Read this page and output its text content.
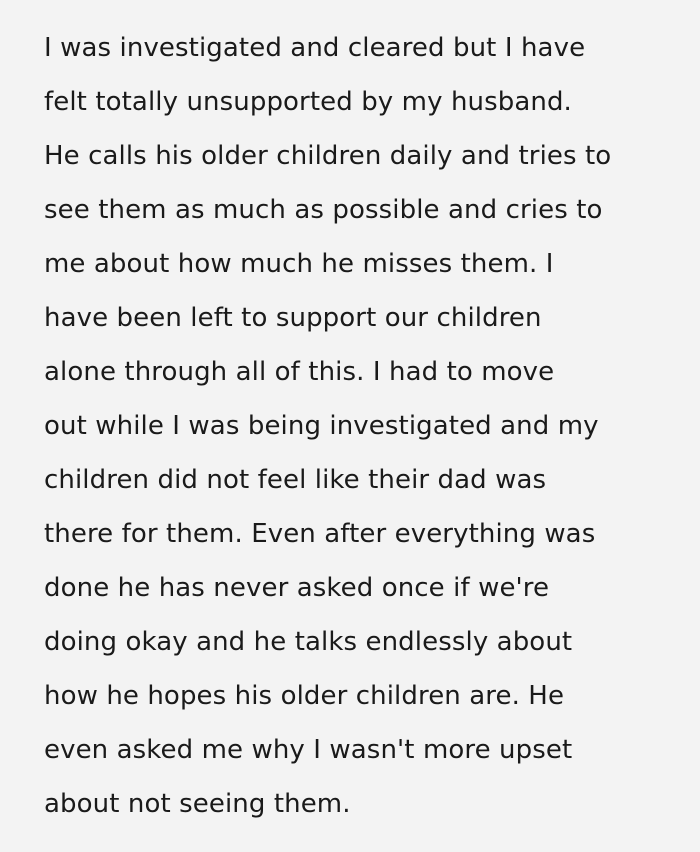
I was investigated and cleared but I have
felt totally unsupported by my husband.
He calls his older children daily and tries to
see them as much as possible and cries to
me about how much he misses them. I
have been left to support our children
alone through all of this. I had to move
out while I was being investigated and my
children did not feel like their dad was
there for them. Even after everything was
done he has never asked once if we're
doing okay and he talks endlessly about
how he hopes his older children are. He
even asked me why I wasn't more upset
about not seeing them.
